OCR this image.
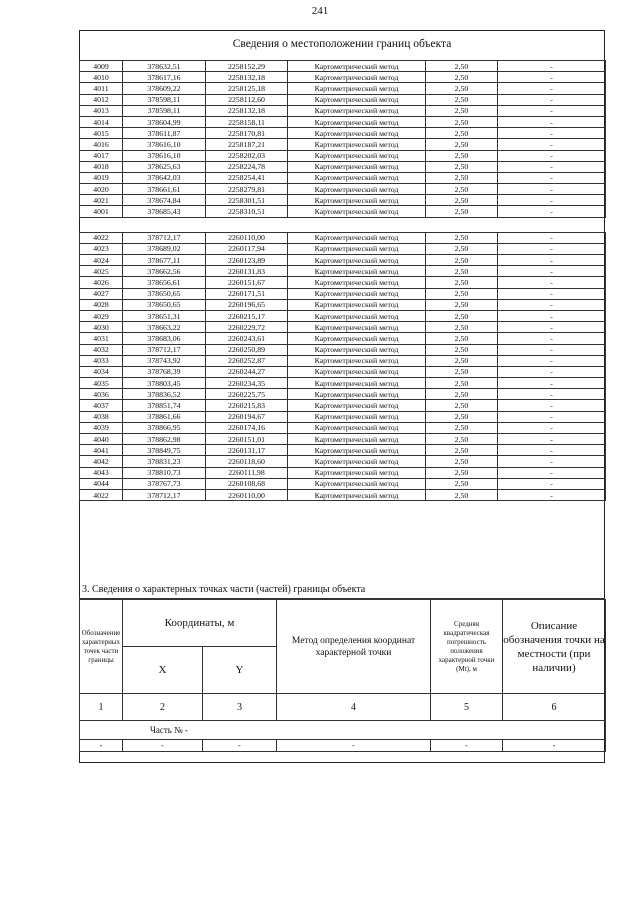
241
Сведения о местоположении границ объекта
4009	378632,51	2258152,29	Картометрический метод	2,50	-
4010	378617,16	2258132,18	Картометрический метод	2,50	-
4011	378609,22	2258125,18	Картометрический метод	2,50	-
4012	378598,11	2258112,60	Картометрический метод	2,50	-
4013	378598,11	2258132,18	Картометрический метод	2,50	-
4014	378604,99	2258158,11	Картометрический метод	2,50	-
4015	378611,87	2258170,81	Картометрический метод	2,50	-
4016	378616,10	2258187,21	Картометрический метод	2,50	-
4017	378616,10	2258202,03	Картометрический метод	2,50	-
4018	378625,63	2258224,78	Картометрический метод	2,50	-
4019	378642,03	2258254,41	Картометрический метод	2,50	-
4020	378661,61	2258279,81	Картометрический метод	2,50	-
4021	378674,84	2258301,51	Картометрический метод	2,50	-
4001	378685,43	2258310,51	Картометрический метод	2,50	-

4022	378712,17	2260110,00	Картометрический метод	2,50	-
4023	378689,02	2260117,94	Картометрический метод	2,50	-
4024	378677,11	2260123,89	Картометрический метод	2,50	-
4025	378662,56	2260131,83	Картометрический метод	2,50	-
4026	378656,61	2260151,67	Картометрический метод	2,50	-
4027	378650,65	2260171,51	Картометрический метод	2,50	-
4028	378650,65	2260196,65	Картометрический метод	2,50	-
4029	378651,31	2260215,17	Картометрический метод	2,50	-
4030	378663,22	2260229,72	Картометрический метод	2,50	-
4031	378683,06	2260243,61	Картометрический метод	2,50	-
4032	378712,17	2260250,89	Картометрический метод	2,50	-
4033	378743,92	2260252,87	Картометрический метод	2,50	-
4034	378768,39	2260244,27	Картометрический метод	2,50	-
4035	378803,45	2260234,35	Картометрический метод	2,50	-
4036	378836,52	2260225,75	Картометрический метод	2,50	-
4037	378851,74	2260215,83	Картометрический метод	2,50	-
4038	378861,66	2260194,67	Картометрический метод	2,50	-
4039	378866,95	2260174,16	Картометрический метод	2,50	-
4040	378862,98	2260151,01	Картометрический метод	2,50	-
4041	378849,75	2260131,17	Картометрический метод	2,50	-
4042	378831,23	2260118,60	Картометрический метод	2,50	-
4043	378810,73	2260111,98	Картометрический метод	2,50	-
4044	378767,73	2260108,68	Картометрический метод	2,50	-
4022	378712,17	2260110,00	Картометрический метод	2,50	-
3. Сведения о характерных точках части (частей) границы объекта
Обозначение характерных точек части границы	Координаты, м		Метод определения координат характерной точки	Средняя квадратическая погрешность положения характерной точки (Mt), м	Описание обозначения точки на местности (при наличии)
	X	Y			
1	2	3	4	5	6
Часть № -					
-	-	-	-	-	-
